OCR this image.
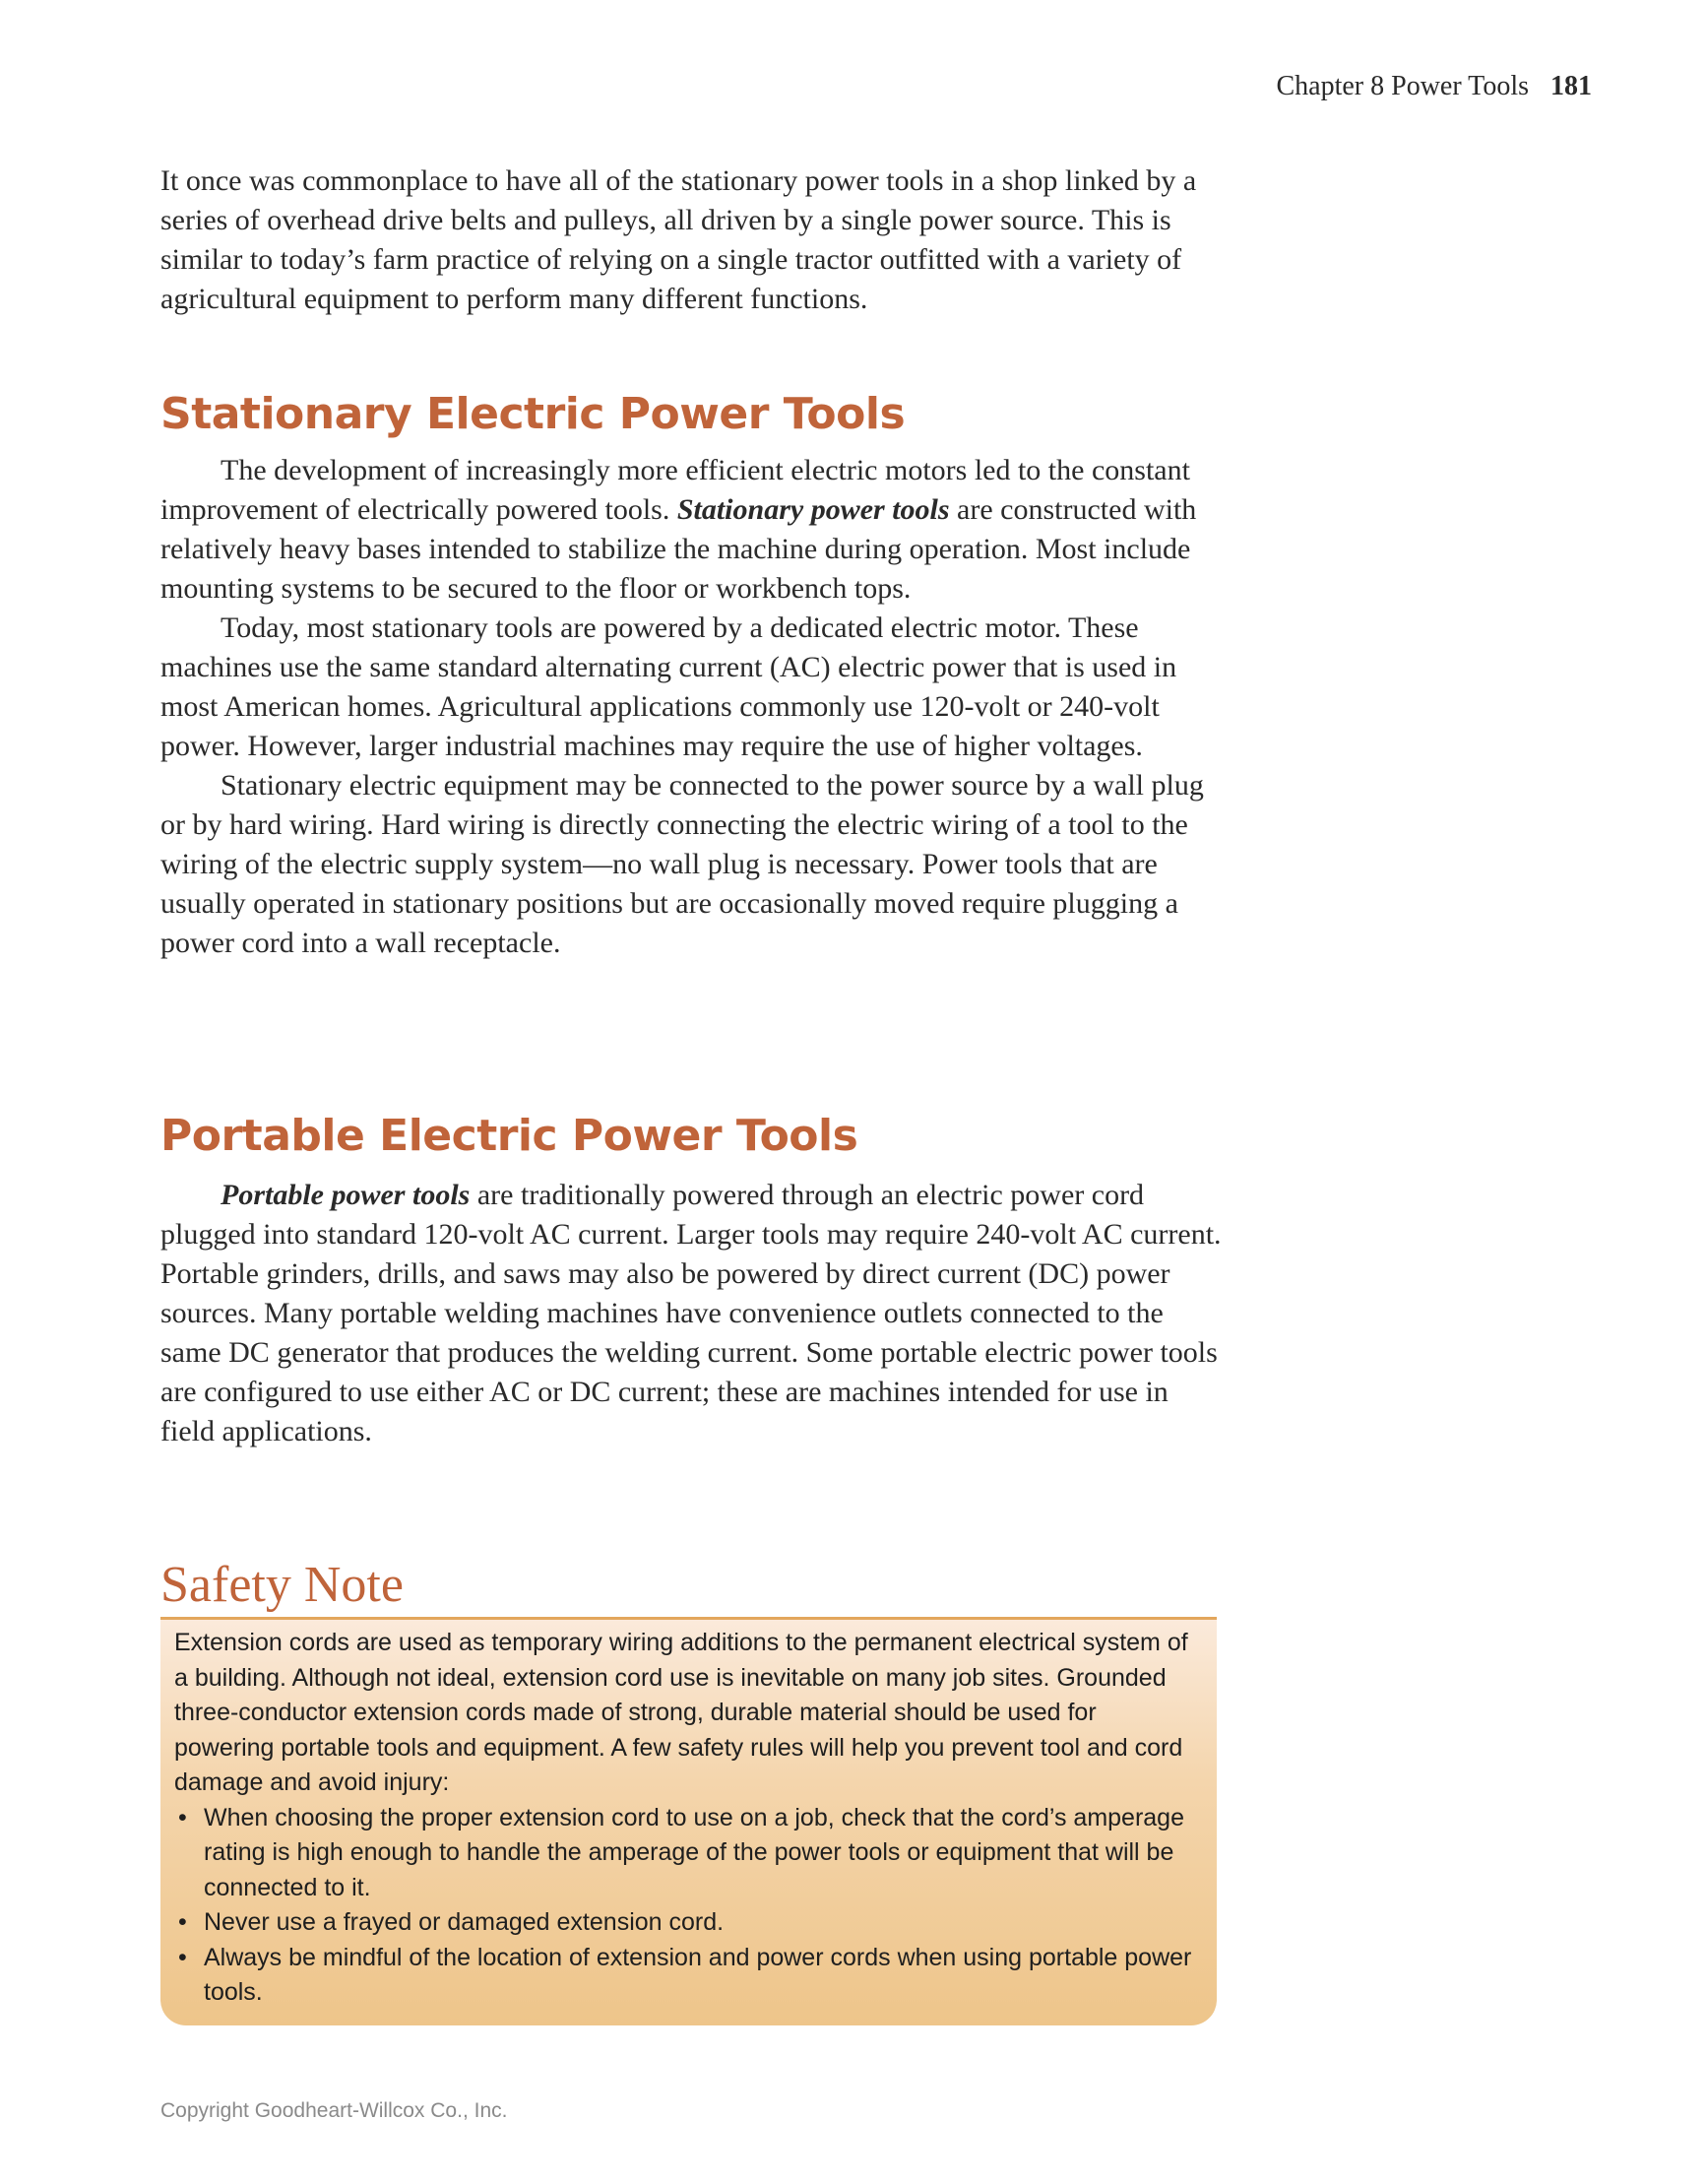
Chapter 8 Power Tools 181

It once was commonplace to have all of the stationary power tools in a shop linked by a series of overhead drive belts and pulleys, all driven by a single power source. This is similar to today’s farm practice of relying on a single tractor outfitted with a variety of agricultural equipment to perform many different functions.

Stationary Electric Power Tools

The development of increasingly more efficient electric motors led to the constant improvement of electrically powered tools. Stationary power tools are constructed with relatively heavy bases intended to stabilize the machine during operation. Most include mounting systems to be secured to the floor or workbench tops.

Today, most stationary tools are powered by a dedicated electric motor. These machines use the same standard alternating current (AC) electric power that is used in most American homes. Agricultural applications commonly use 120-volt or 240-volt power. However, larger industrial machines may require the use of higher voltages.

Stationary electric equipment may be connected to the power source by a wall plug or by hard wiring. Hard wiring is directly connecting the electric wiring of a tool to the wiring of the electric supply system—no wall plug is necessary. Power tools that are usually operated in stationary positions but are occasionally moved require plugging a power cord into a wall receptacle.

Portable Electric Power Tools

Portable power tools are traditionally powered through an electric power cord plugged into standard 120-volt AC current. Larger tools may require 240-volt AC current. Portable grinders, drills, and saws may also be powered by direct current (DC) power sources. Many portable welding machines have convenience outlets connected to the same DC generator that produces the welding current. Some portable electric power tools are configured to use either AC or DC current; these are machines intended for use in field applications.

Safety Note

Extension cords are used as temporary wiring additions to the permanent electrical system of a building. Although not ideal, extension cord use is inevitable on many job sites. Grounded three-conductor extension cords made of strong, durable material should be used for powering portable tools and equipment. A few safety rules will help you prevent tool and cord damage and avoid injury:

• When choosing the proper extension cord to use on a job, check that the cord’s amperage rating is high enough to handle the amperage of the power tools or equipment that will be connected to it.
• Never use a frayed or damaged extension cord.
• Always be mindful of the location of extension and power cords when using portable power tools.
Copyright Goodheart-Willcox Co., Inc.
